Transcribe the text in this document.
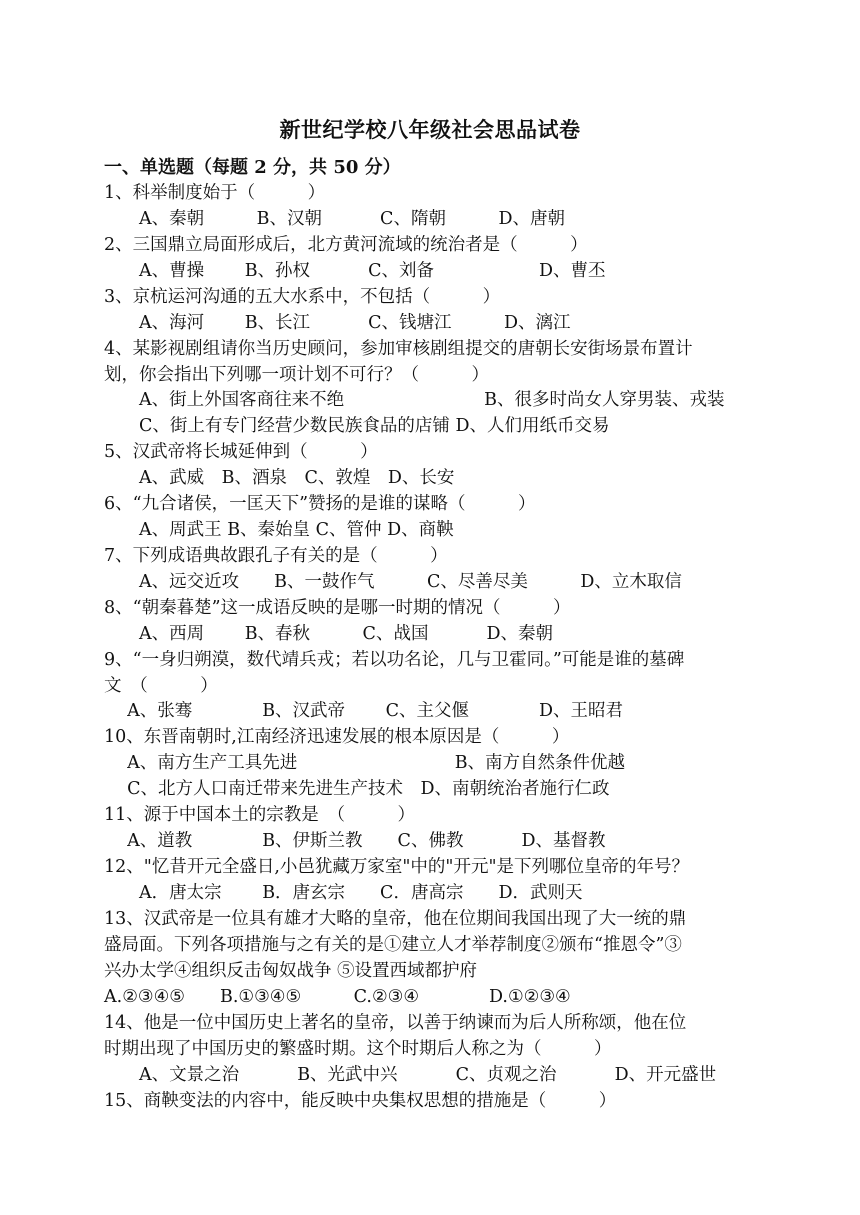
新世纪学校八年级社会思品试卷
一、单选题（每题 2 分，共 50 分）
1、科举制度始于（　　　）
　　A、秦朝　　　B、汉朝　　　 C、隋朝　　　D、唐朝
2、三国鼎立局面形成后，北方黄河流域的统治者是（　　　）
　　A、曹操　　 B、孙权　　　 C、刘备　　　　　　D、曹丕
3、京杭运河沟通的五大水系中，不包括（　　　）
　　A、海河　　 B、长江　　　 C、钱塘江　　　D、漓江
4、某影视剧组请你当历史顾问，参加审核剧组提交的唐朝长安街场景布置计
划，你会指出下列哪一项计划不可行？（　　　）
　　A、街上外国客商往来不绝　　　　　　　　B、很多时尚女人穿男装、戎装
　　C、街上有专门经营少数民族食品的店铺 D、人们用纸币交易
5、汉武帝将长城延伸到（　　　）
　　A、武威　B、酒泉　C、敦煌　D、长安
6、“九合诸侯，一匡天下”赞扬的是谁的谋略（　　　）
　　A、周武王 B、秦始皇 C、管仲 D、商鞅
7、下列成语典故跟孔子有关的是（　　　）
　　A、远交近攻　　B、一鼓作气　　　C、尽善尽美　　　D、立木取信
8、“朝秦暮楚”这一成语反映的是哪一时期的情况（　　　）
　　A、西周　　 B、春秋　　　C、战国　　　 D、秦朝
9、“一身归朔漠，数代靖兵戎；若以功名论，几与卫霍同。”可能是谁的墓碑
文　（　　　）
　 A、张骞　　　　B、汉武帝　　 C、主父偃　　　　D、王昭君
10、东晋南朝时,江南经济迅速发展的根本原因是（　　　）
　 A、南方生产工具先进　　　　　　　　　B、南方自然条件优越
　 C、北方人口南迁带来先进生产技术　D、南朝统治者施行仁政
11、源于中国本土的宗教是　（　　　）
　 A、道教　　　　B、伊斯兰教　　C、佛教　　　 D、基督教
12、"忆昔开元全盛日,小邑犹藏万家室"中的"开元"是下列哪位皇帝的年号？
　　A．唐太宗　　 B．唐玄宗　　C．唐高宗　　D．武则天
13、汉武帝是一位具有雄才大略的皇帝，他在位期间我国出现了大一统的鼎
盛局面。下列各项措施与之有关的是①建立人才举荐制度②颁布“推恩令”③
兴办太学④组织反击匈奴战争 ⑤设置西域都护府
A.②③④⑤　　B.①③④⑤　　　C.②③④　　　　D.①②③④
14、他是一位中国历史上著名的皇帝，以善于纳谏而为后人所称颂，他在位
时期出现了中国历史的繁盛时期。这个时期后人称之为（　　　）
　　A、文景之治　　　 B、光武中兴　　　 C、贞观之治　　　 D、开元盛世
15、商鞅变法的内容中，能反映中央集权思想的措施是（　　　）
